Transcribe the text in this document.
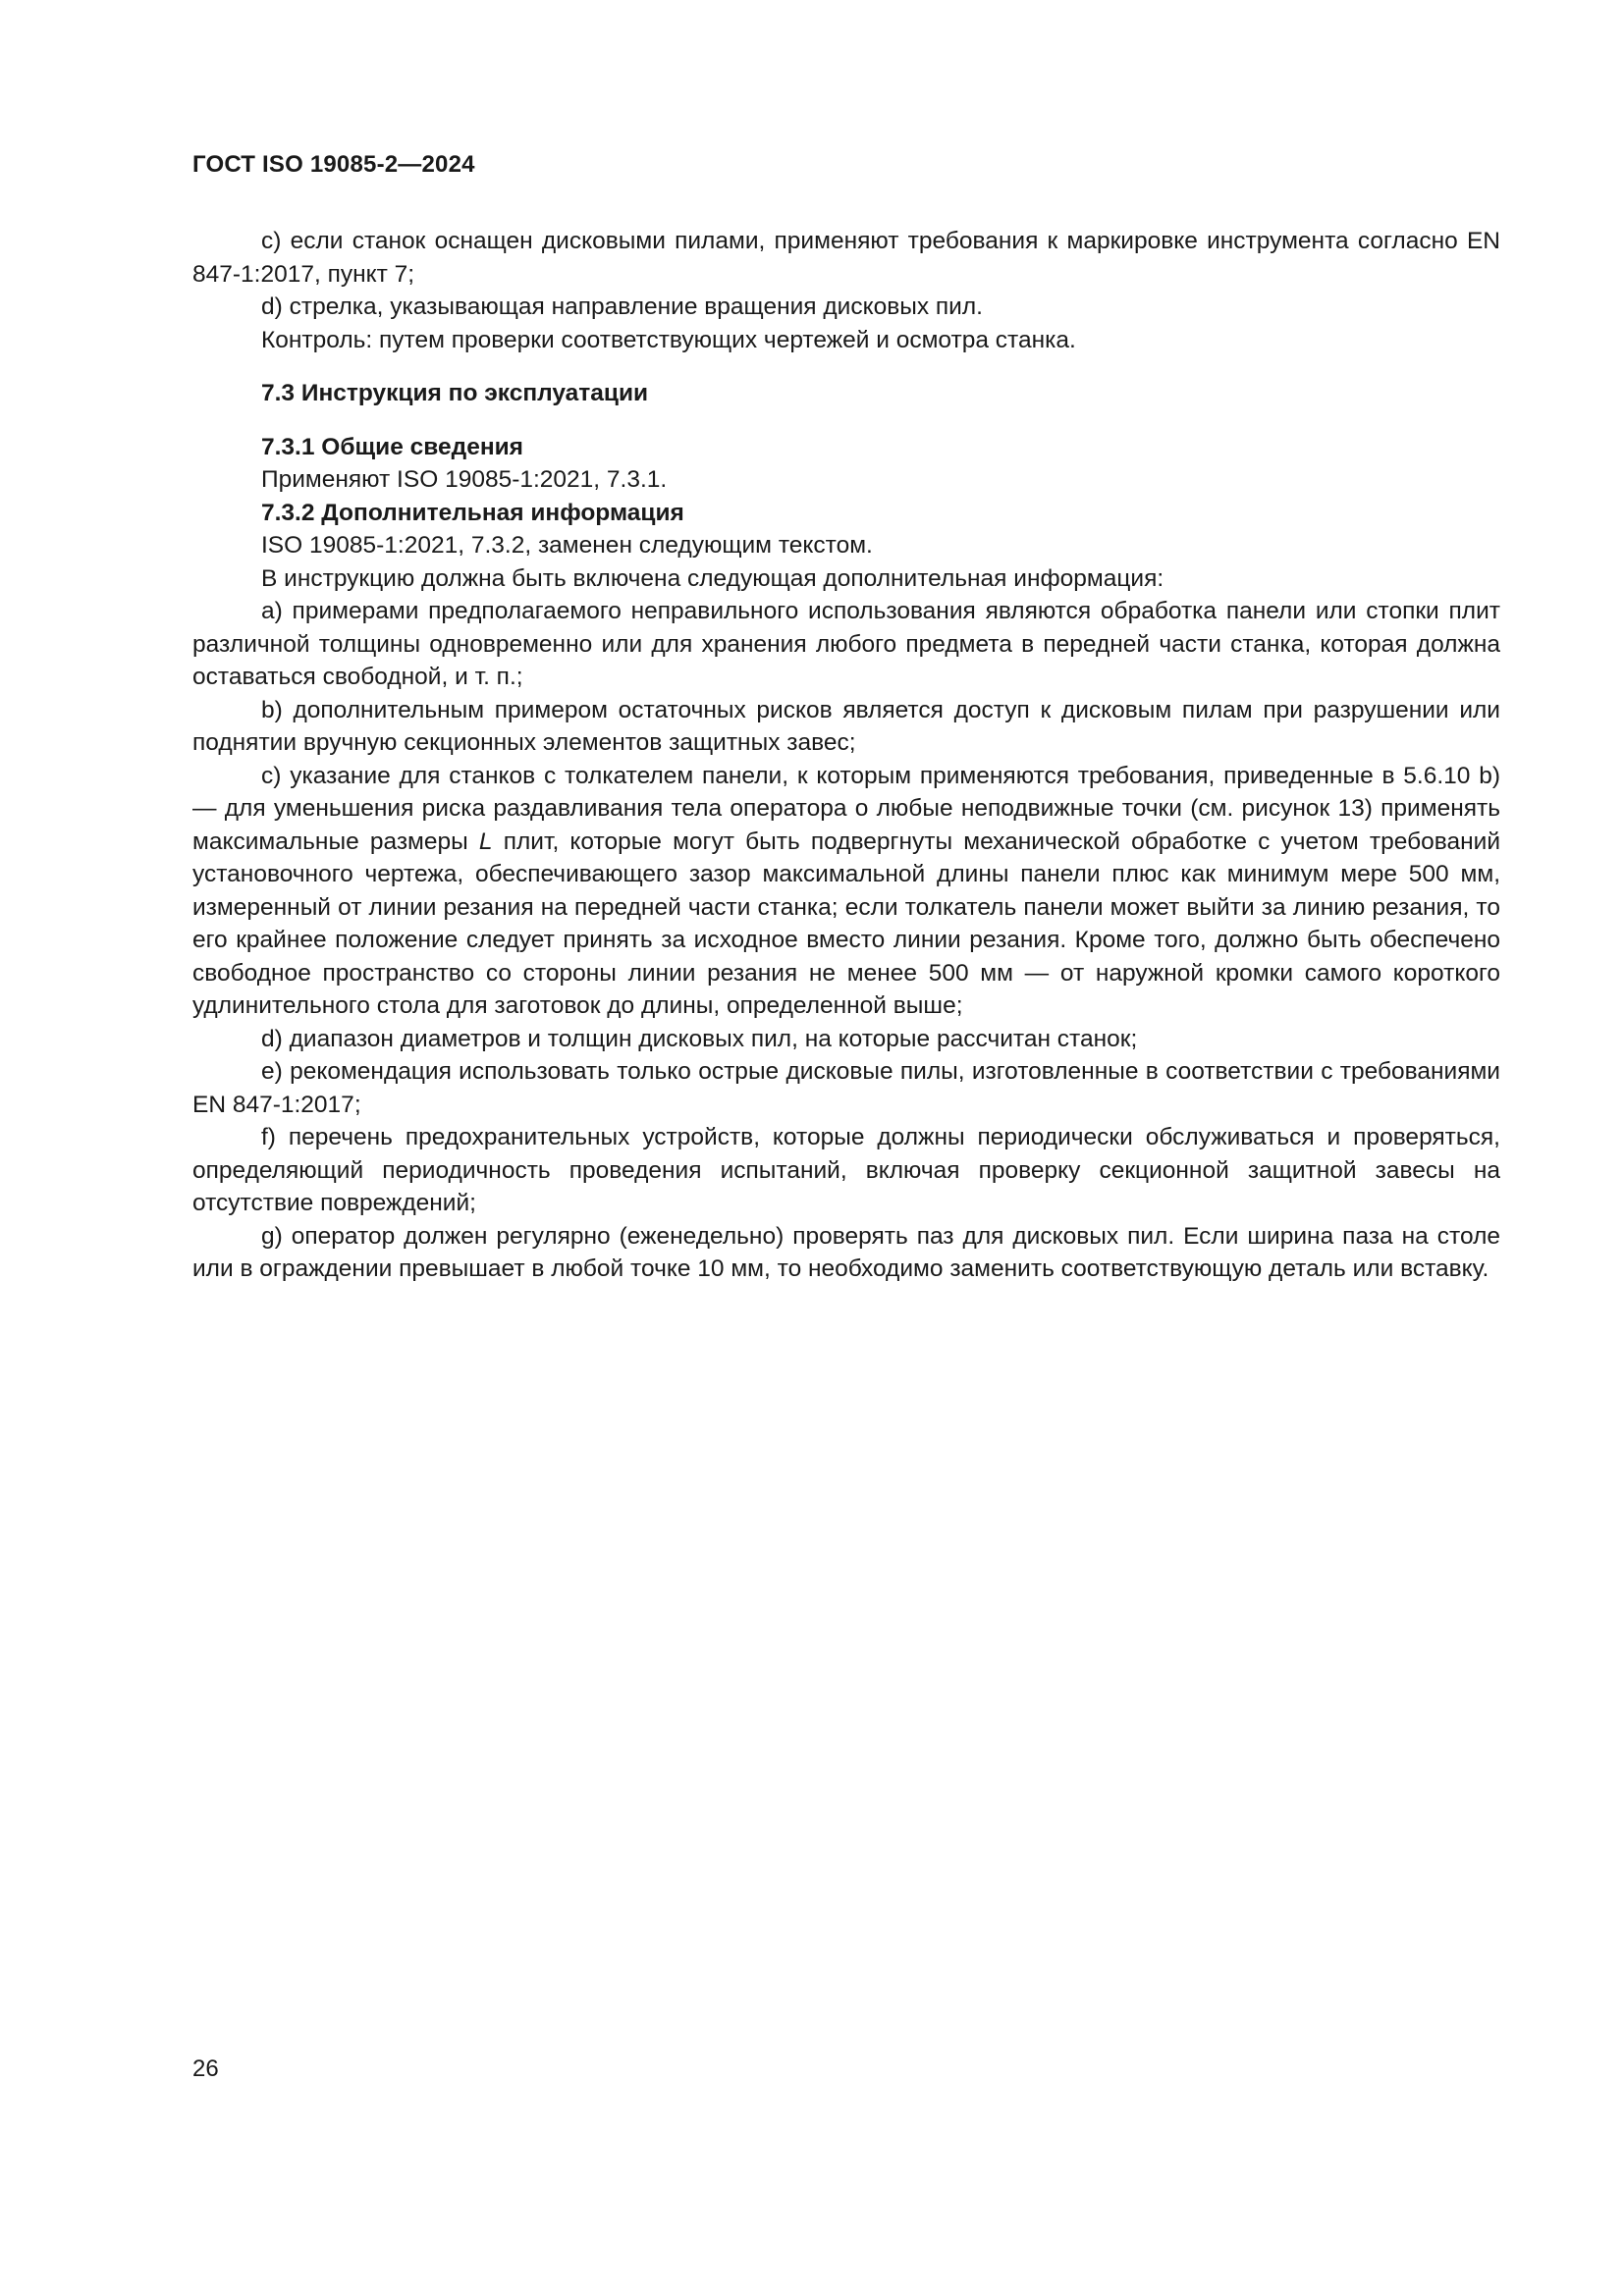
ГОСТ ISO 19085-2—2024

c) если станок оснащен дисковыми пилами, применяют требования к маркировке инструмента согласно EN 847-1:2017, пункт 7;

d) стрелка, указывающая направление вращения дисковых пил.

Контроль: путем проверки соответствующих чертежей и осмотра станка.

7.3 Инструкция по эксплуатации

7.3.1 Общие сведения

Применяют ISO 19085-1:2021, 7.3.1.

7.3.2 Дополнительная информация

ISO 19085-1:2021, 7.3.2, заменен следующим текстом.

В инструкцию должна быть включена следующая дополнительная информация:

a) примерами предполагаемого неправильного использования являются обработка панели или стопки плит различной толщины одновременно или для хранения любого предмета в передней части станка, которая должна оставаться свободной, и т. п.;

b) дополнительным примером остаточных рисков является доступ к дисковым пилам при разрушении или поднятии вручную секционных элементов защитных завес;

c) указание для станков с толкателем панели, к которым применяются требования, приведенные в 5.6.10 b) — для уменьшения риска раздавливания тела оператора о любые неподвижные точки (см. рисунок 13) применять максимальные размеры L плит, которые могут быть подвергнуты механической обработке с учетом требований установочного чертежа, обеспечивающего зазор максимальной длины панели плюс как минимум мере 500 мм, измеренный от линии резания на передней части станка; если толкатель панели может выйти за линию резания, то его крайнее положение следует принять за исходное вместо линии резания. Кроме того, должно быть обеспечено свободное пространство со стороны линии резания не менее 500 мм — от наружной кромки самого короткого удлинительного стола для заготовок до длины, определенной выше;

d) диапазон диаметров и толщин дисковых пил, на которые рассчитан станок;

e) рекомендация использовать только острые дисковые пилы, изготовленные в соответствии с требованиями EN 847-1:2017;

f) перечень предохранительных устройств, которые должны периодически обслуживаться и проверяться, определяющий периодичность проведения испытаний, включая проверку секционной защитной завесы на отсутствие повреждений;

g) оператор должен регулярно (еженедельно) проверять паз для дисковых пил. Если ширина паза на столе или в ограждении превышает в любой точке 10 мм, то необходимо заменить соответствующую деталь или вставку.

26
